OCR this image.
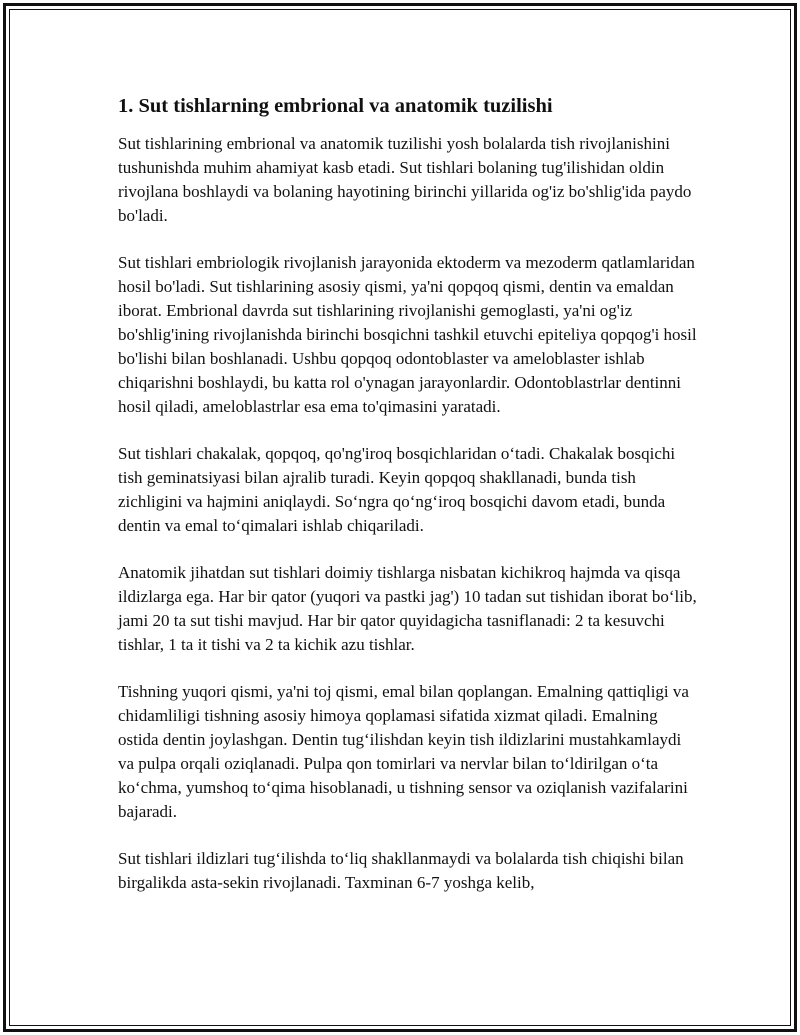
1. Sut tishlarning embrional va anatomik tuzilishi

Sut tishlarining embrional va anatomik tuzilishi yosh bolalarda tish rivojlanishini tushunishda muhim ahamiyat kasb etadi. Sut tishlari bolaning tug'ilishidan oldin rivojlana boshlaydi va bolaning hayotining birinchi yillarida og'iz bo'shlig'ida paydo bo'ladi.

Sut tishlari embriologik rivojlanish jarayonida ektoderm va mezoderm qatlamlaridan hosil bo'ladi. Sut tishlarining asosiy qismi, ya'ni qopqoq qismi, dentin va emaldan iborat. Embrional davrda sut tishlarining rivojlanishi gemoglasti, ya'ni og'iz bo'shlig'ining rivojlanishda birinchi bosqichni tashkil etuvchi epiteliya qopqog'i hosil bo'lishi bilan boshlanadi. Ushbu qopqoq odontoblaster va ameloblaster ishlab chiqarishni boshlaydi, bu katta rol o'ynagan jarayonlardir. Odontoblastrlar dentinni hosil qiladi, ameloblastrlar esa ema to'qimasini yaratadi.

Sut tishlari chakalak, qopqoq, qo'ng'iroq bosqichlaridan o‘tadi. Chakalak bosqichi tish geminatsiyasi bilan ajralib turadi. Keyin qopqoq shakllanadi, bunda tish zichligini va hajmini aniqlaydi. So‘ngra qo‘ng‘iroq bosqichi davom etadi, bunda dentin va emal to‘qimalari ishlab chiqariladi.

Anatomik jihatdan sut tishlari doimiy tishlarga nisbatan kichikroq hajmda va qisqa ildizlarga ega. Har bir qator (yuqori va pastki jag') 10 tadan sut tishidan iborat bo‘lib, jami 20 ta sut tishi mavjud. Har bir qator quyidagicha tasniflanadi: 2 ta kesuvchi tishlar, 1 ta it tishi va 2 ta kichik azu tishlar.

Tishning yuqori qismi, ya'ni toj qismi, emal bilan qoplangan. Emalning qattiqligi va chidamliligi tishning asosiy himoya qoplamasi sifatida xizmat qiladi. Emalning ostida dentin joylashgan. Dentin tug‘ilishdan keyin tish ildizlarini mustahkamlaydi va pulpa orqali oziqlanadi. Pulpa qon tomirlari va nervlar bilan to‘ldirilgan o‘ta ko‘chma, yumshoq to‘qima hisoblanadi, u tishning sensor va oziqlanish vazifalarini bajaradi.

Sut tishlari ildizlari tug‘ilishda to‘liq shakllanmaydi va bolalarda tish chiqishi bilan birgalikda asta-sekin rivojlanadi. Taxminan 6-7 yoshga kelib,
